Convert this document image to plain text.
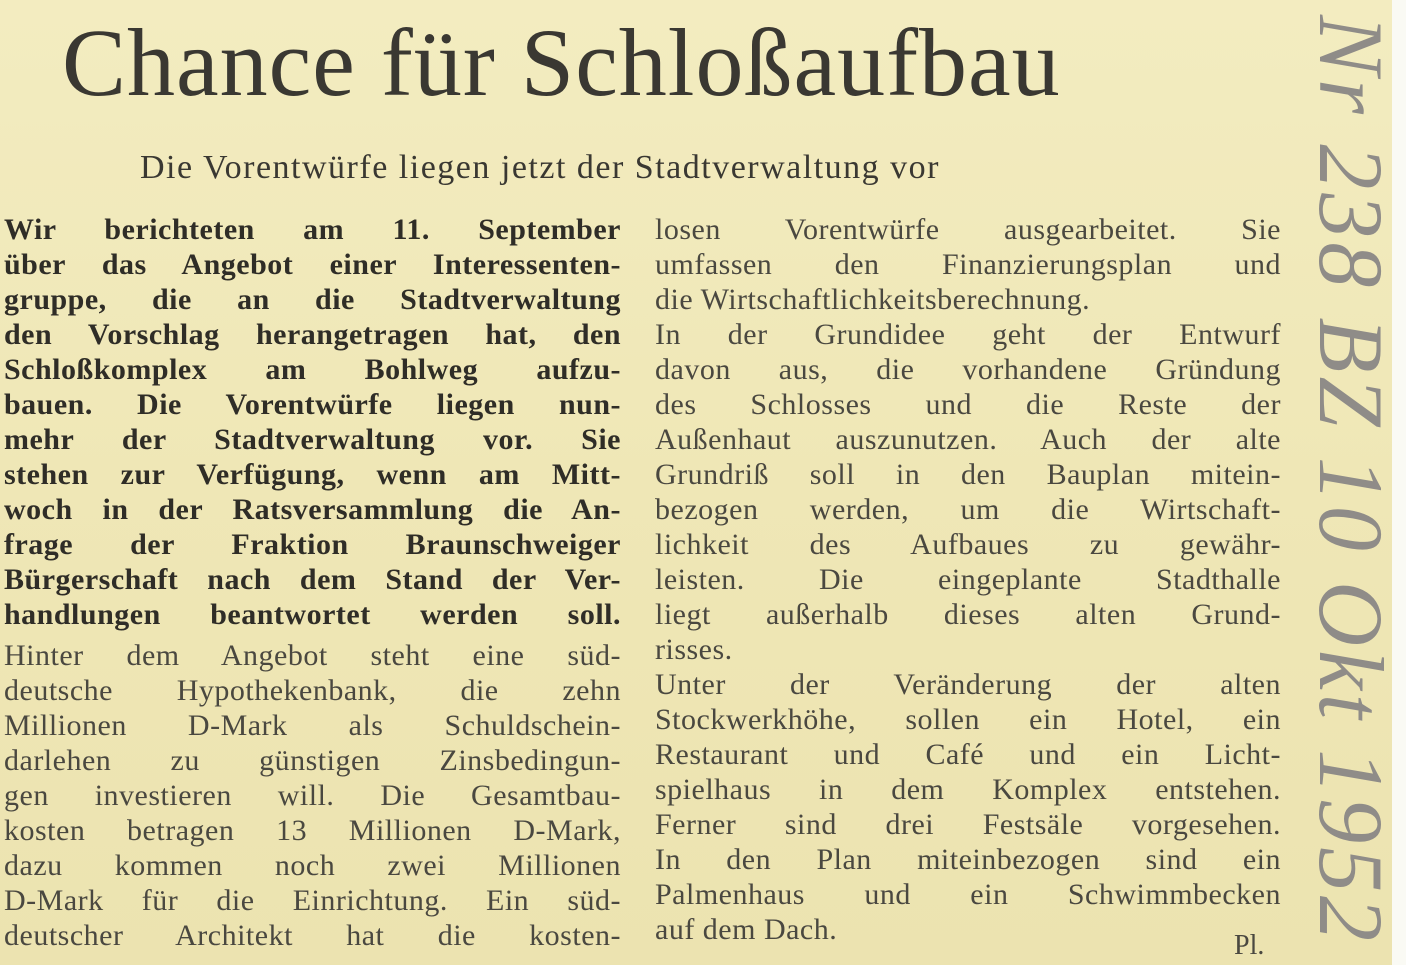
Chance für Schloßaufbau
Die Vorentwürfe liegen jetzt der Stadtverwaltung vor
Wir berichteten am 11. September
über das Angebot einer Interessenten-
gruppe, die an die Stadtverwaltung
den Vorschlag herangetragen hat, den
Schloßkomplex am Bohlweg aufzu-
bauen. Die Vorentwürfe liegen nun-
mehr der Stadtverwaltung vor. Sie
stehen zur Verfügung, wenn am Mitt-
woch in der Ratsversammlung die An-
frage der Fraktion Braunschweiger
Bürgerschaft nach dem Stand der Ver-
handlungen beantwortet werden soll.
Hinter dem Angebot steht eine süd-
deutsche Hypothekenbank, die zehn
Millionen D-Mark als Schuldschein-
darlehen zu günstigen Zinsbedingun-
gen investieren will. Die Gesamtbau-
kosten betragen 13 Millionen D-Mark,
dazu kommen noch zwei Millionen
D-Mark für die Einrichtung. Ein süd-
deutscher Architekt hat die kosten-
losen Vorentwürfe ausgearbeitet. Sie
umfassen den Finanzierungsplan und
die Wirtschaftlichkeitsberechnung.
In der Grundidee geht der Entwurf
davon aus, die vorhandene Gründung
des Schlosses und die Reste der
Außenhaut auszunutzen. Auch der alte
Grundriß soll in den Bauplan mitein-
bezogen werden, um die Wirtschaft-
lichkeit des Aufbaues zu gewähr-
leisten. Die eingeplante Stadthalle
liegt außerhalb dieses alten Grund-
risses.
Unter der Veränderung der alten
Stockwerkhöhe, sollen ein Hotel, ein
Restaurant und Café und ein Licht-
spielhaus in dem Komplex entstehen.
Ferner sind drei Festsäle vorgesehen.
In den Plan miteinbezogen sind ein
Palmenhaus und ein Schwimmbecken
auf dem Dach.	Pl. Nr 238 BZ 10 Okt 1952
